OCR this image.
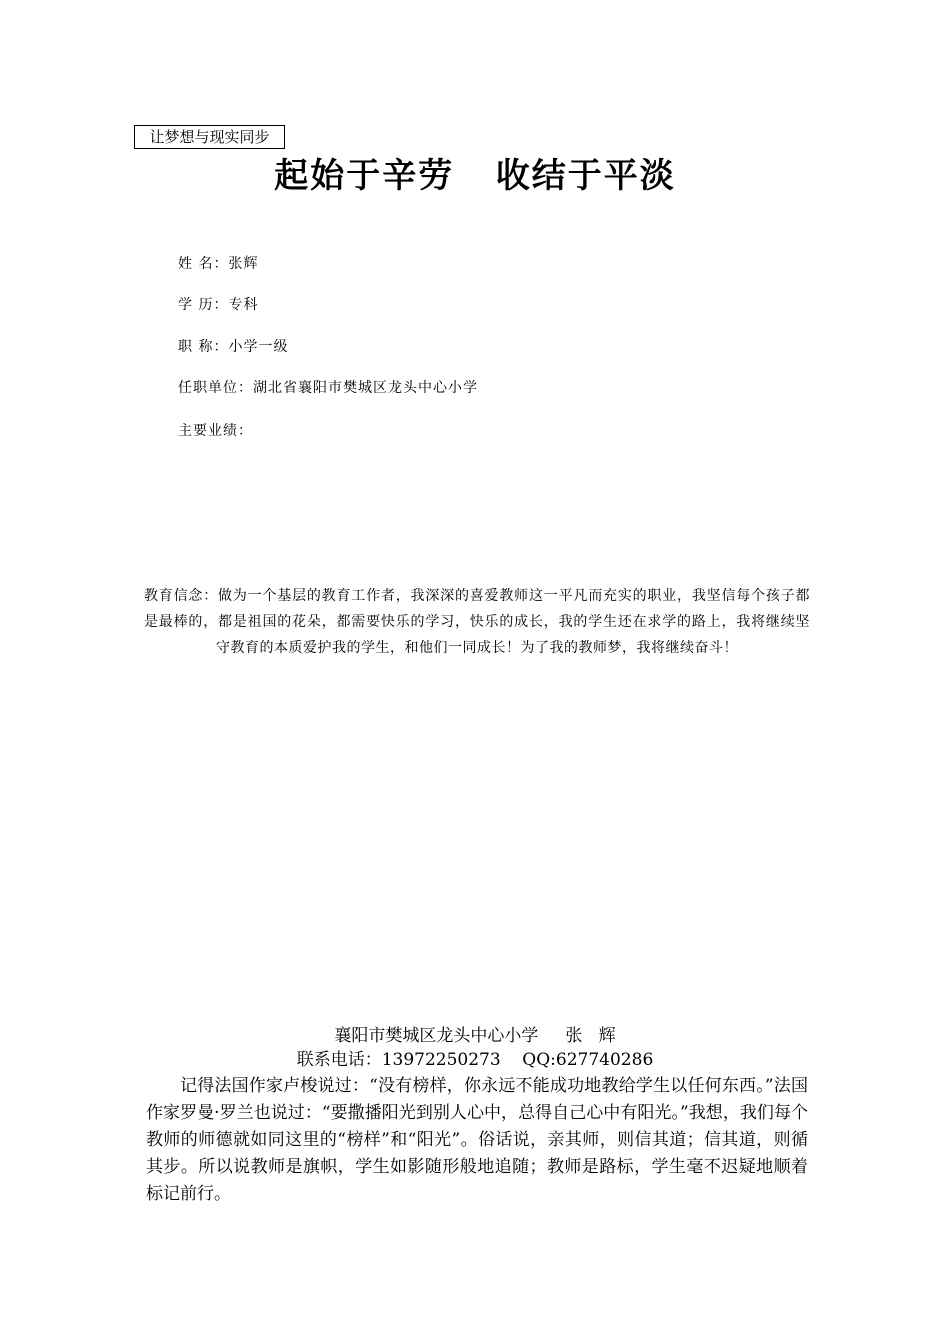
让梦想与现实同步
起始于辛劳   收结于平淡
姓 名：张辉
学 历：专科
职 称：小学一级
任职单位：湖北省襄阳市樊城区龙头中心小学
主要业绩：
教育信念：做为一个基层的教育工作者，我深深的喜爱教师这一平凡而充实的职业，我坚信每个孩子都是最棒的，都是祖国的花朵，都需要快乐的学习，快乐的成长，我的学生还在求学的路上，我将继续坚守教育的本质爱护我的学生，和他们一同成长！为了我的教师梦，我将继续奋斗！
襄阳市樊城区龙头中心小学     张   辉
联系电话：13972250273    QQ:627740286
记得法国作家卢梭说过：“没有榜样，你永远不能成功地教给学生以任何东西。”法国作家罗曼·罗兰也说过：“要撒播阳光到别人心中，总得自己心中有阳光。”我想，我们每个教师的师德就如同这里的“榜样”和“阳光”。俗话说，亲其师，则信其道；信其道，则循其步。所以说教师是旗帜，学生如影随形般地追随；教师是路标，学生毫不迟疑地顺着标记前行。
